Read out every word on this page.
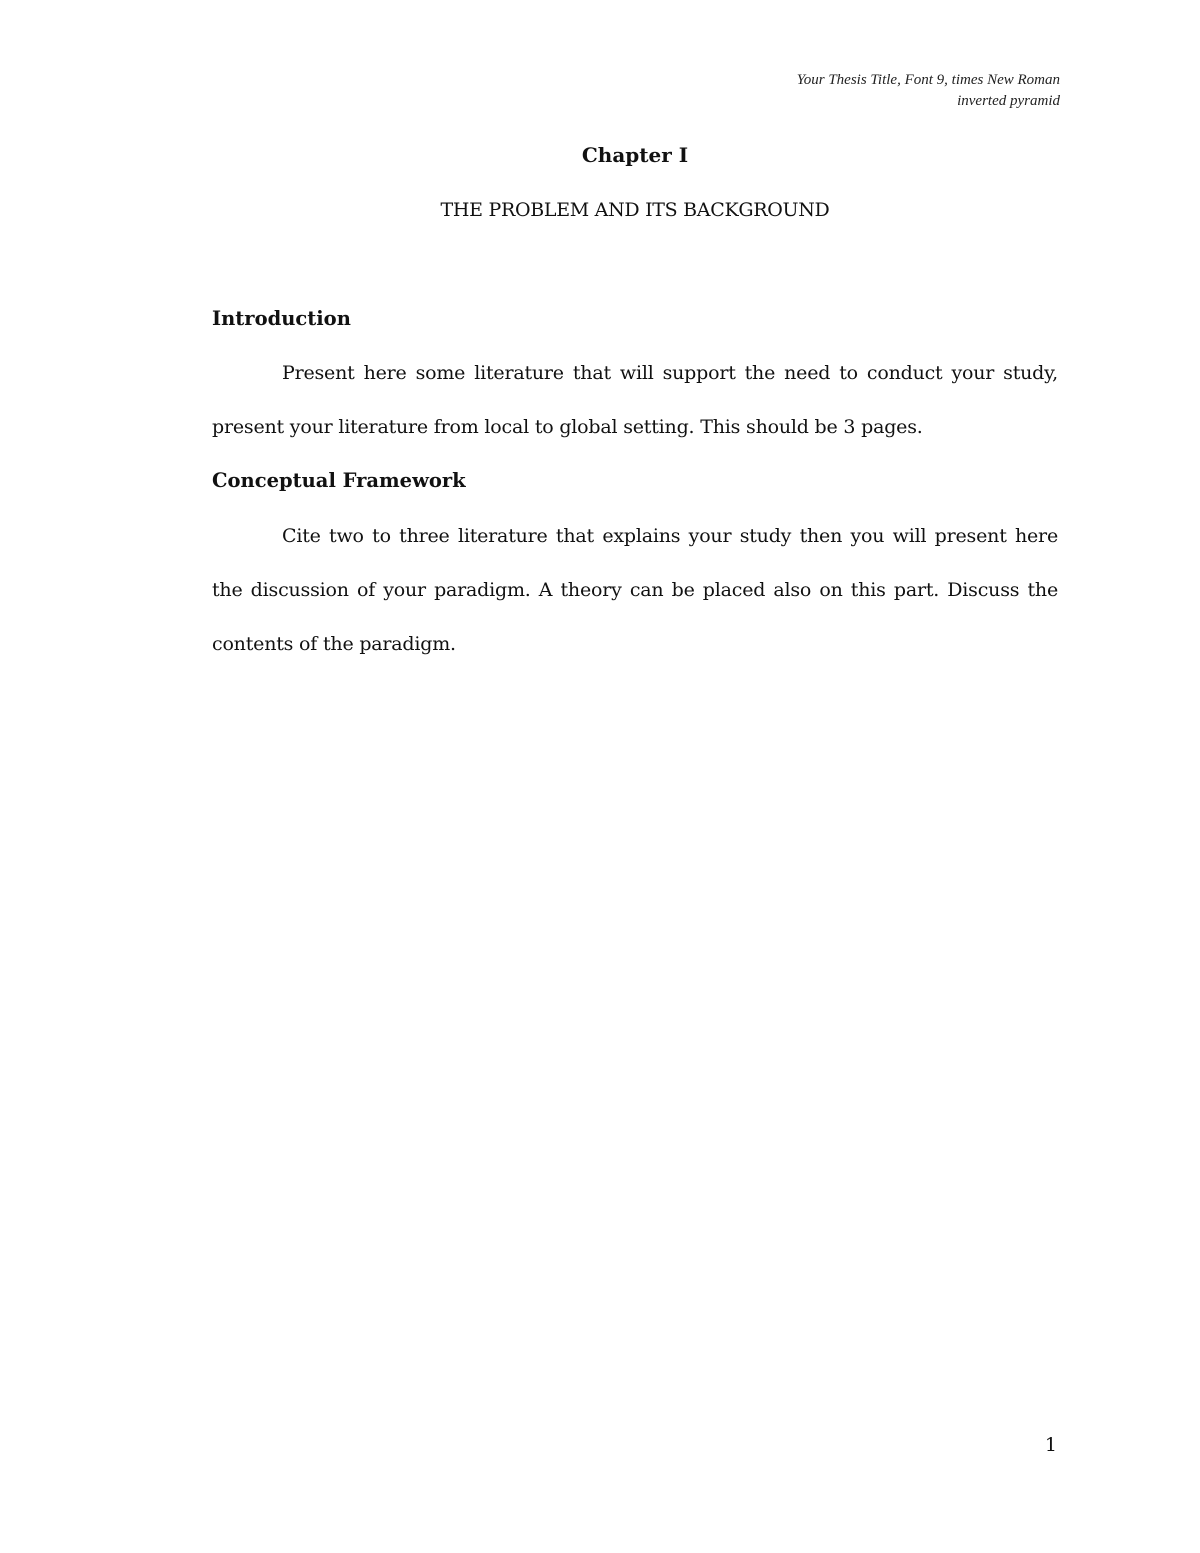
Your Thesis Title, Font 9, times New Roman
inverted pyramid
Chapter I
THE PROBLEM AND ITS BACKGROUND
Introduction

Present here some literature that will support the need to conduct your study, present your literature from local to global setting. This should be 3 pages.

Conceptual Framework

Cite two to three literature that explains your study then you will present here the discussion of your paradigm. A theory can be placed also on this part. Discuss the contents of the paradigm.

1
